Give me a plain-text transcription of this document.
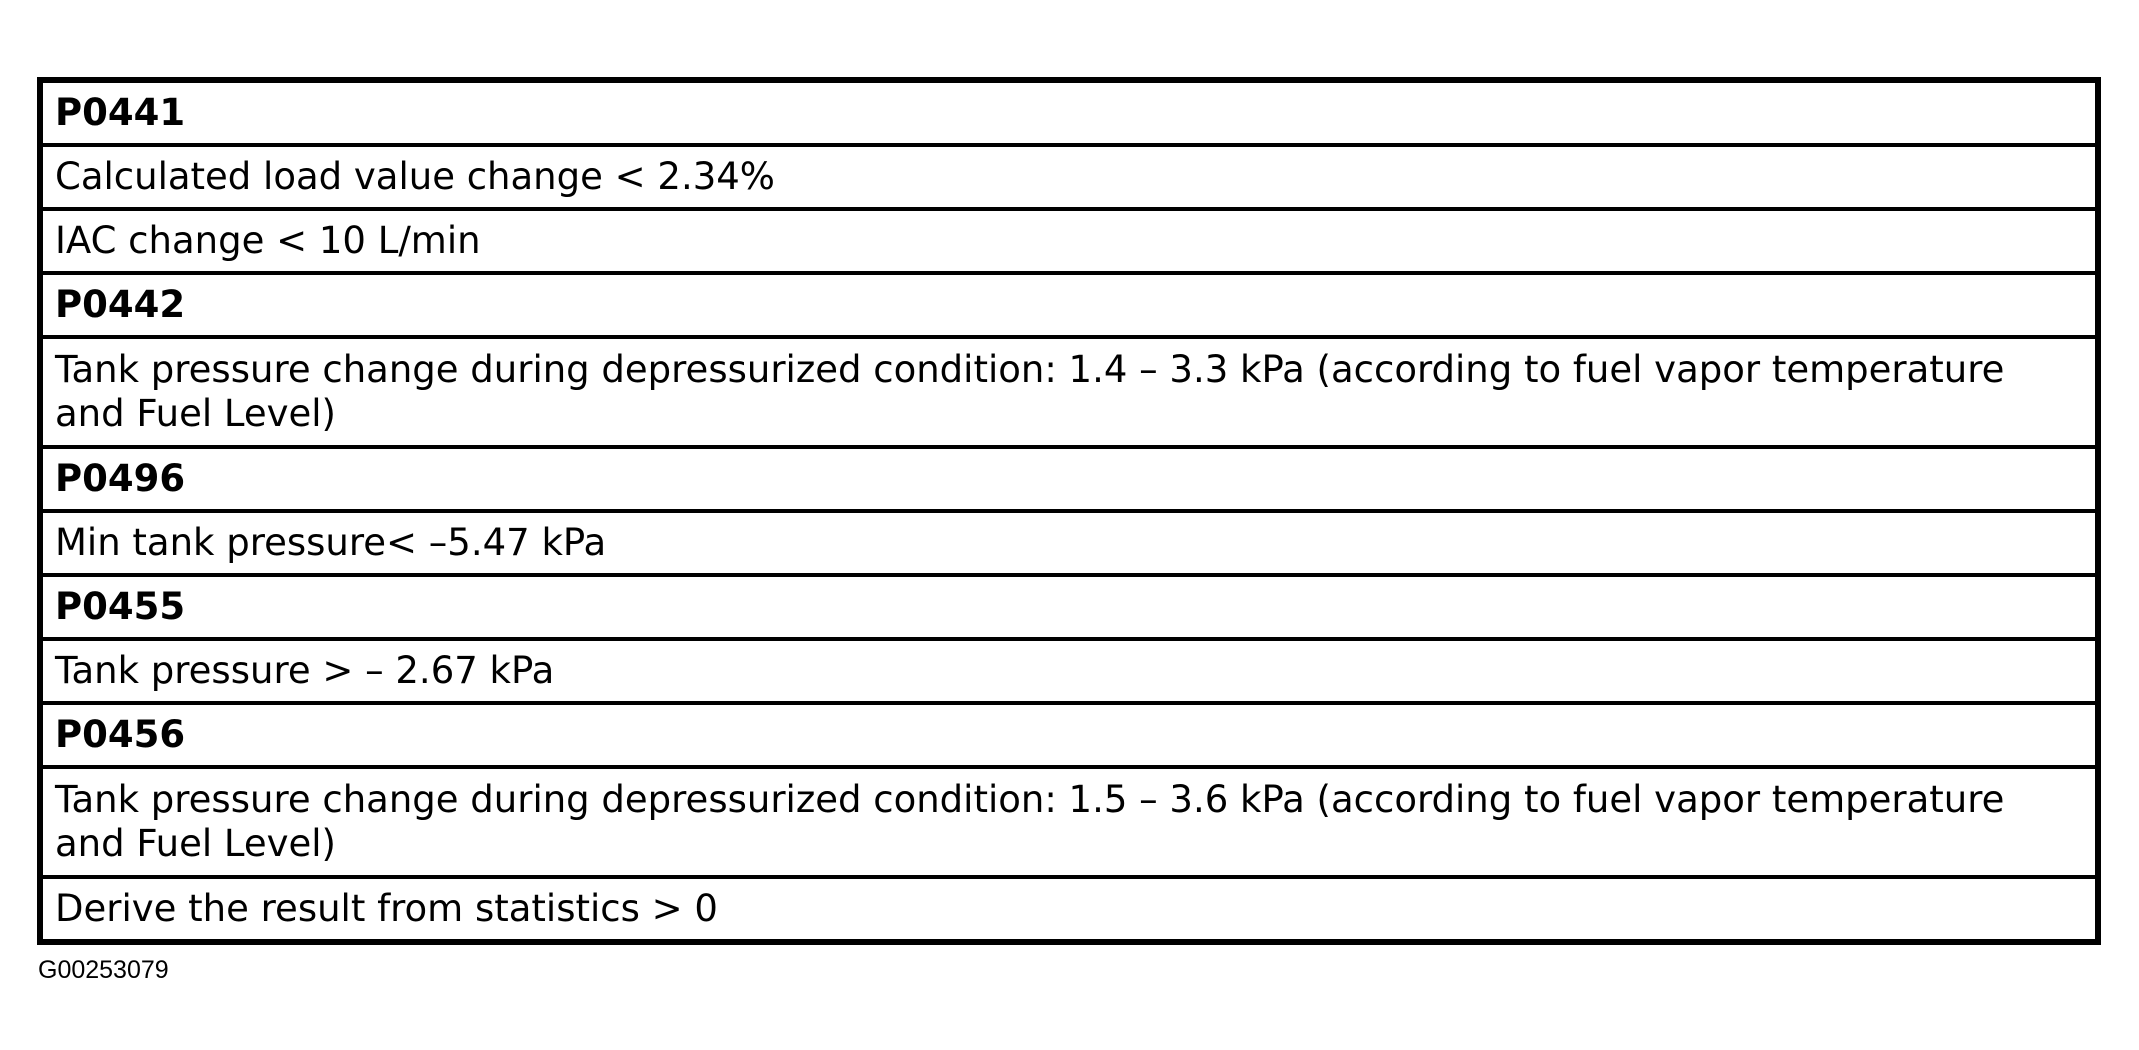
P0441
Calculated load value change < 2.34%
IAC change < 10 L/min
P0442
Tank pressure change during depressurized condition: 1.4 – 3.3 kPa (according to fuel vapor temperature and Fuel Level)
P0496
Min tank pressure< –5.47 kPa
P0455
Tank pressure > – 2.67 kPa
P0456
Tank pressure change during depressurized condition: 1.5 – 3.6 kPa (according to fuel vapor temperature and Fuel Level)
Derive the result from statistics > 0
G00253079
